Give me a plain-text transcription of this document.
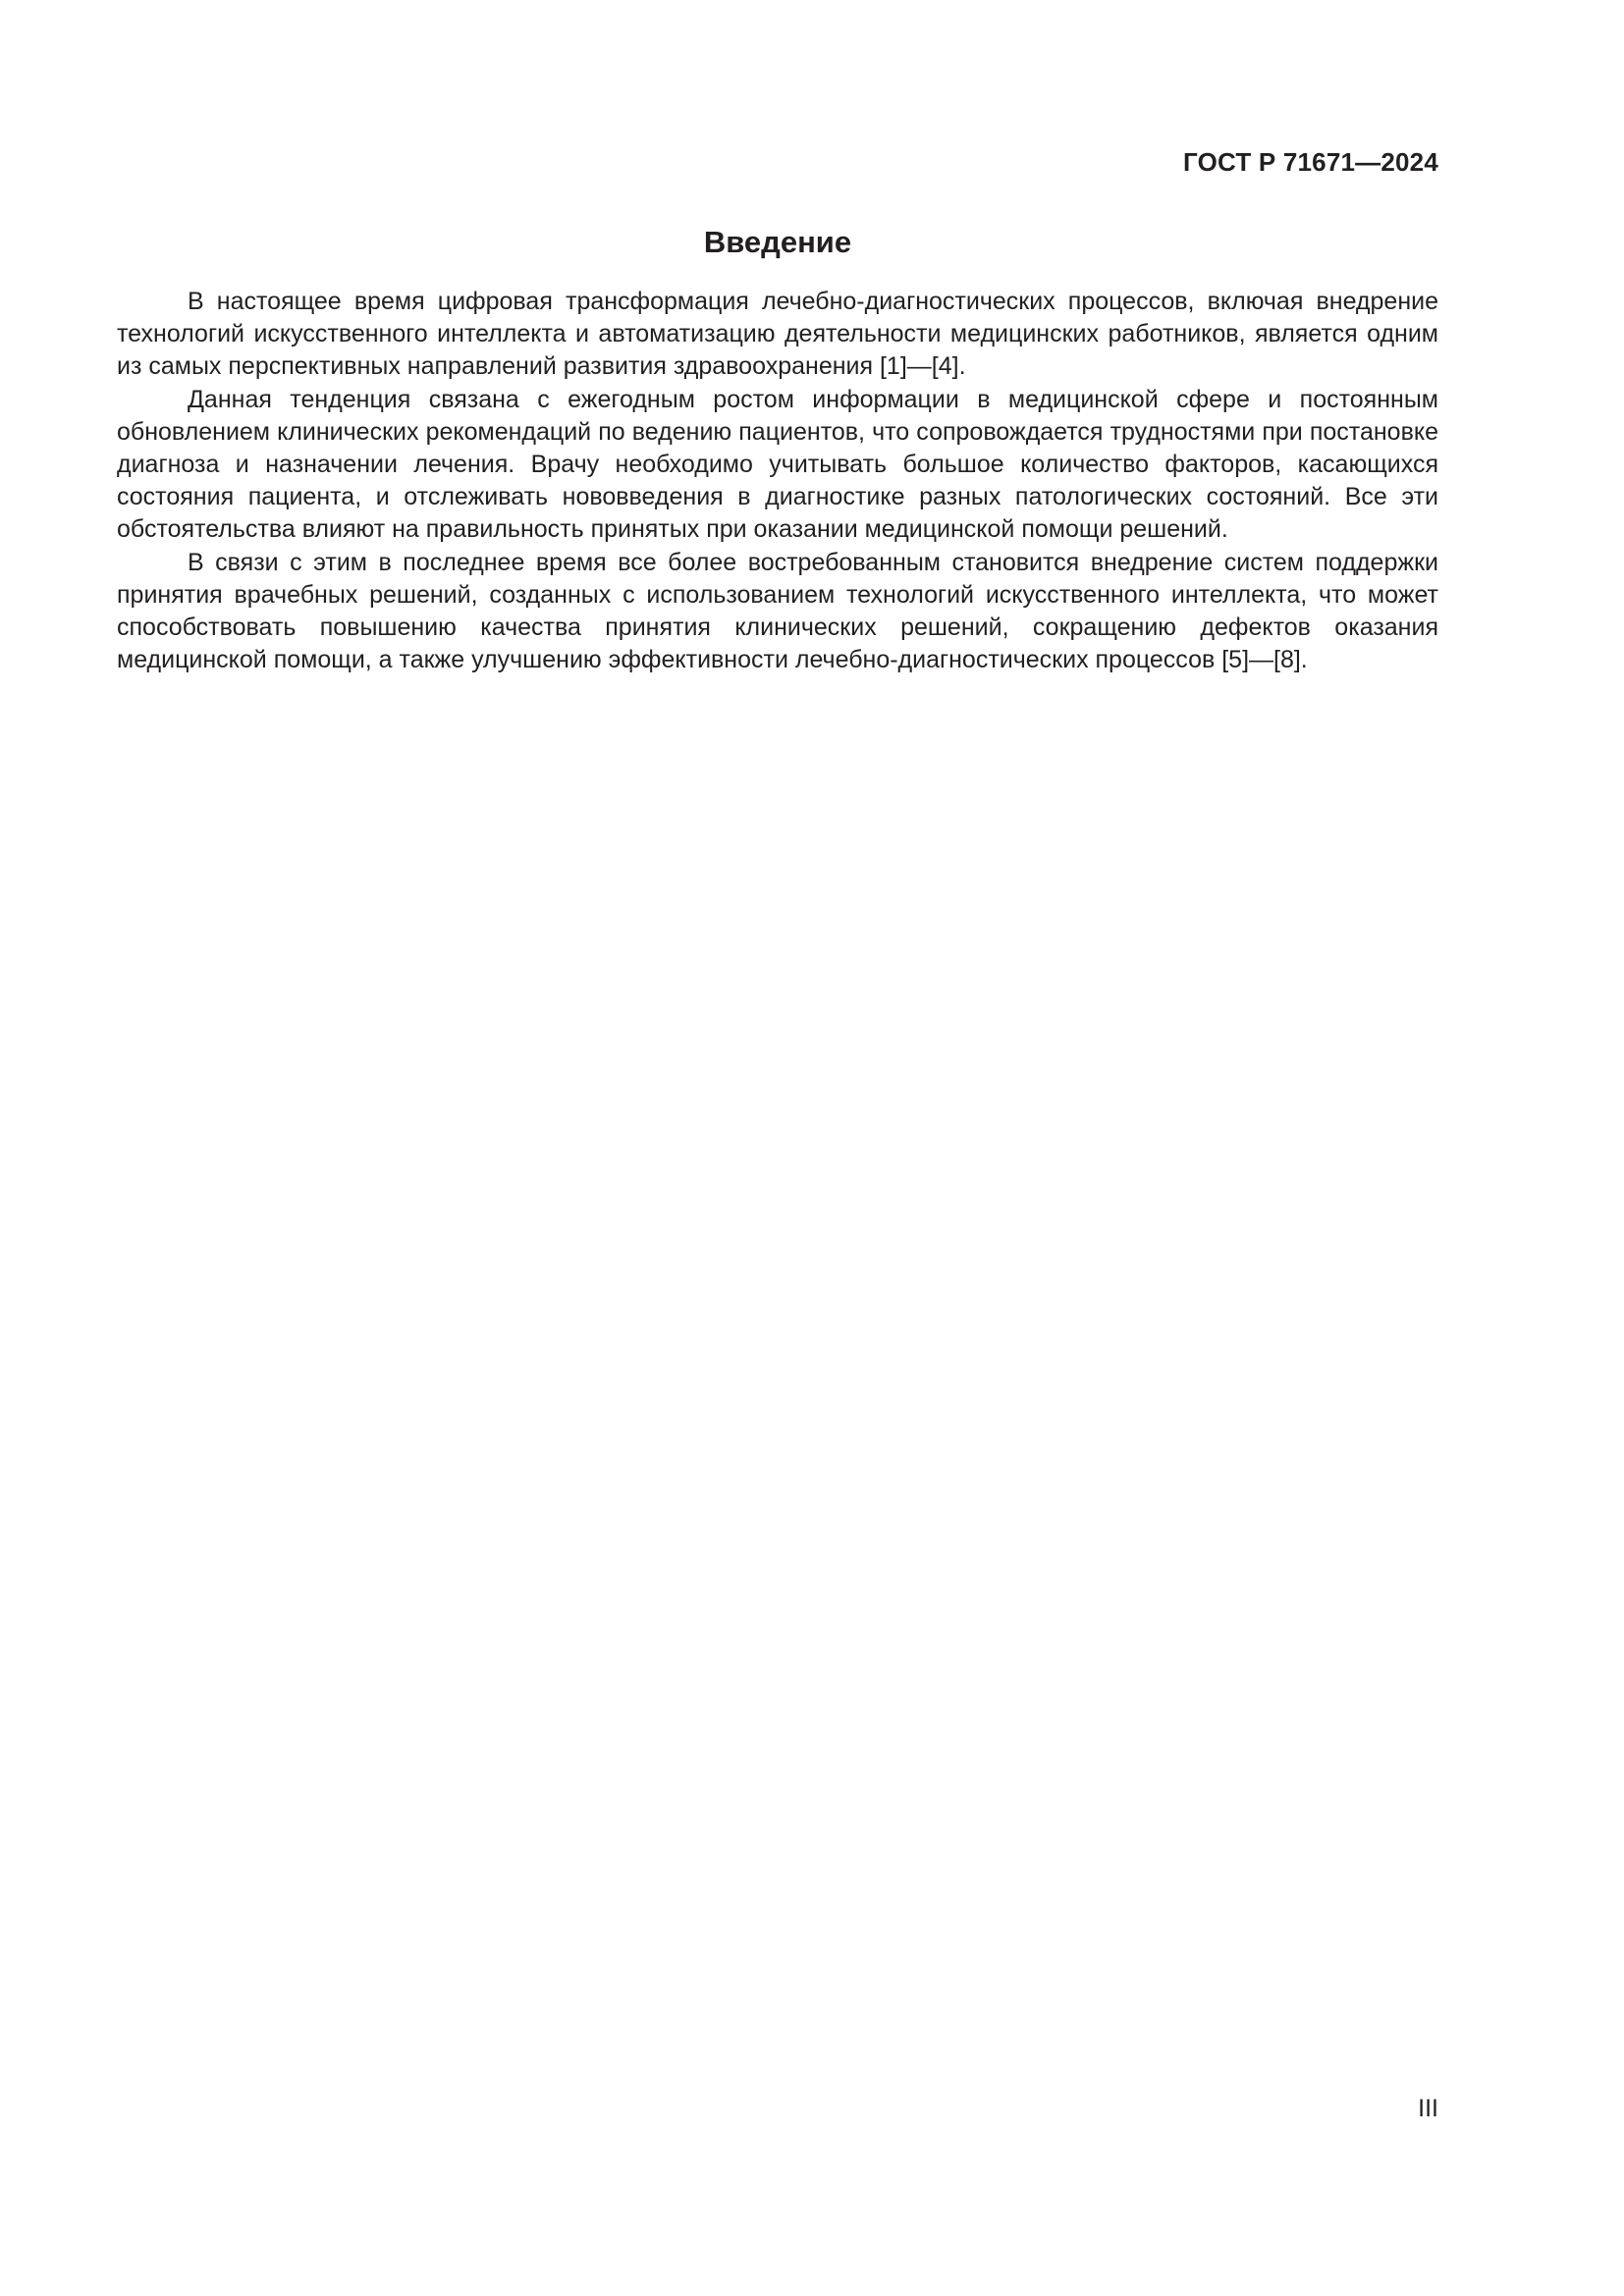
ГОСТ Р 71671—2024
Введение

В настоящее время цифровая трансформация лечебно-диагностических процессов, включая внедрение технологий искусственного интеллекта и автоматизацию деятельности медицинских работников, является одним из самых перспективных направлений развития здравоохранения [1]—[4].

Данная тенденция связана с ежегодным ростом информации в медицинской сфере и постоянным обновлением клинических рекомендаций по ведению пациентов, что сопровождается трудностями при постановке диагноза и назначении лечения. Врачу необходимо учитывать большое количество факторов, касающихся состояния пациента, и отслеживать нововведения в диагностике разных патологических состояний. Все эти обстоятельства влияют на правильность принятых при оказании медицинской помощи решений.

В связи с этим в последнее время все более востребованным становится внедрение систем поддержки принятия врачебных решений, созданных с использованием технологий искусственного интеллекта, что может способствовать повышению качества принятия клинических решений, сокращению дефектов оказания медицинской помощи, а также улучшению эффективности лечебно-диагностических процессов [5]—[8].

III
